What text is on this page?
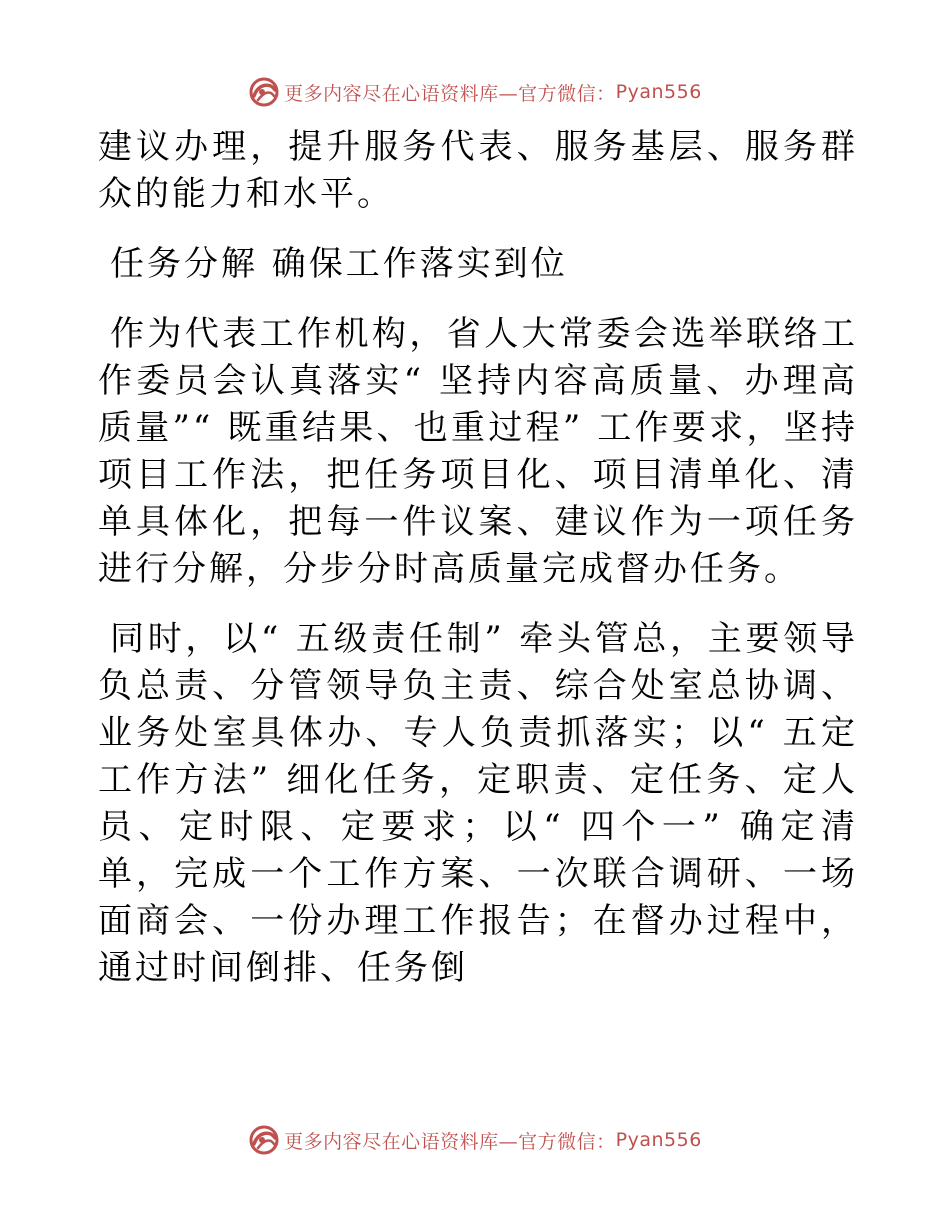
更多内容尽在心语资料库—官方微信： Pyan556

建议办理，提升服务代表、服务基层、服务群众的能力和水平。

任务分解 确保工作落实到位

作为代表工作机构，省人大常委会选举联络工作委员会认真落实“ 坚持内容高质量、办理高质量”“ 既重结果、也重过程” 工作要求，坚持项目工作法，把任务项目化、项目清单化、清单具体化，把每一件议案、建议作为一项任务进行分解，分步分时高质量完成督办任务。

同时，以“ 五级责任制” 牵头管总，主要领导负总责、分管领导负主责、综合处室总协调、业务处室具体办、专人负责抓落实；以“ 五定工作方法” 细化任务，定职责、定任务、定人员、定时限、定要求；以“ 四个一” 确定清单，完成一个工作方案、一次联合调研、一场面商会、一份办理工作报告；在督办过程中，通过时间倒排、任务倒

更多内容尽在心语资料库—官方微信： Pyan556
